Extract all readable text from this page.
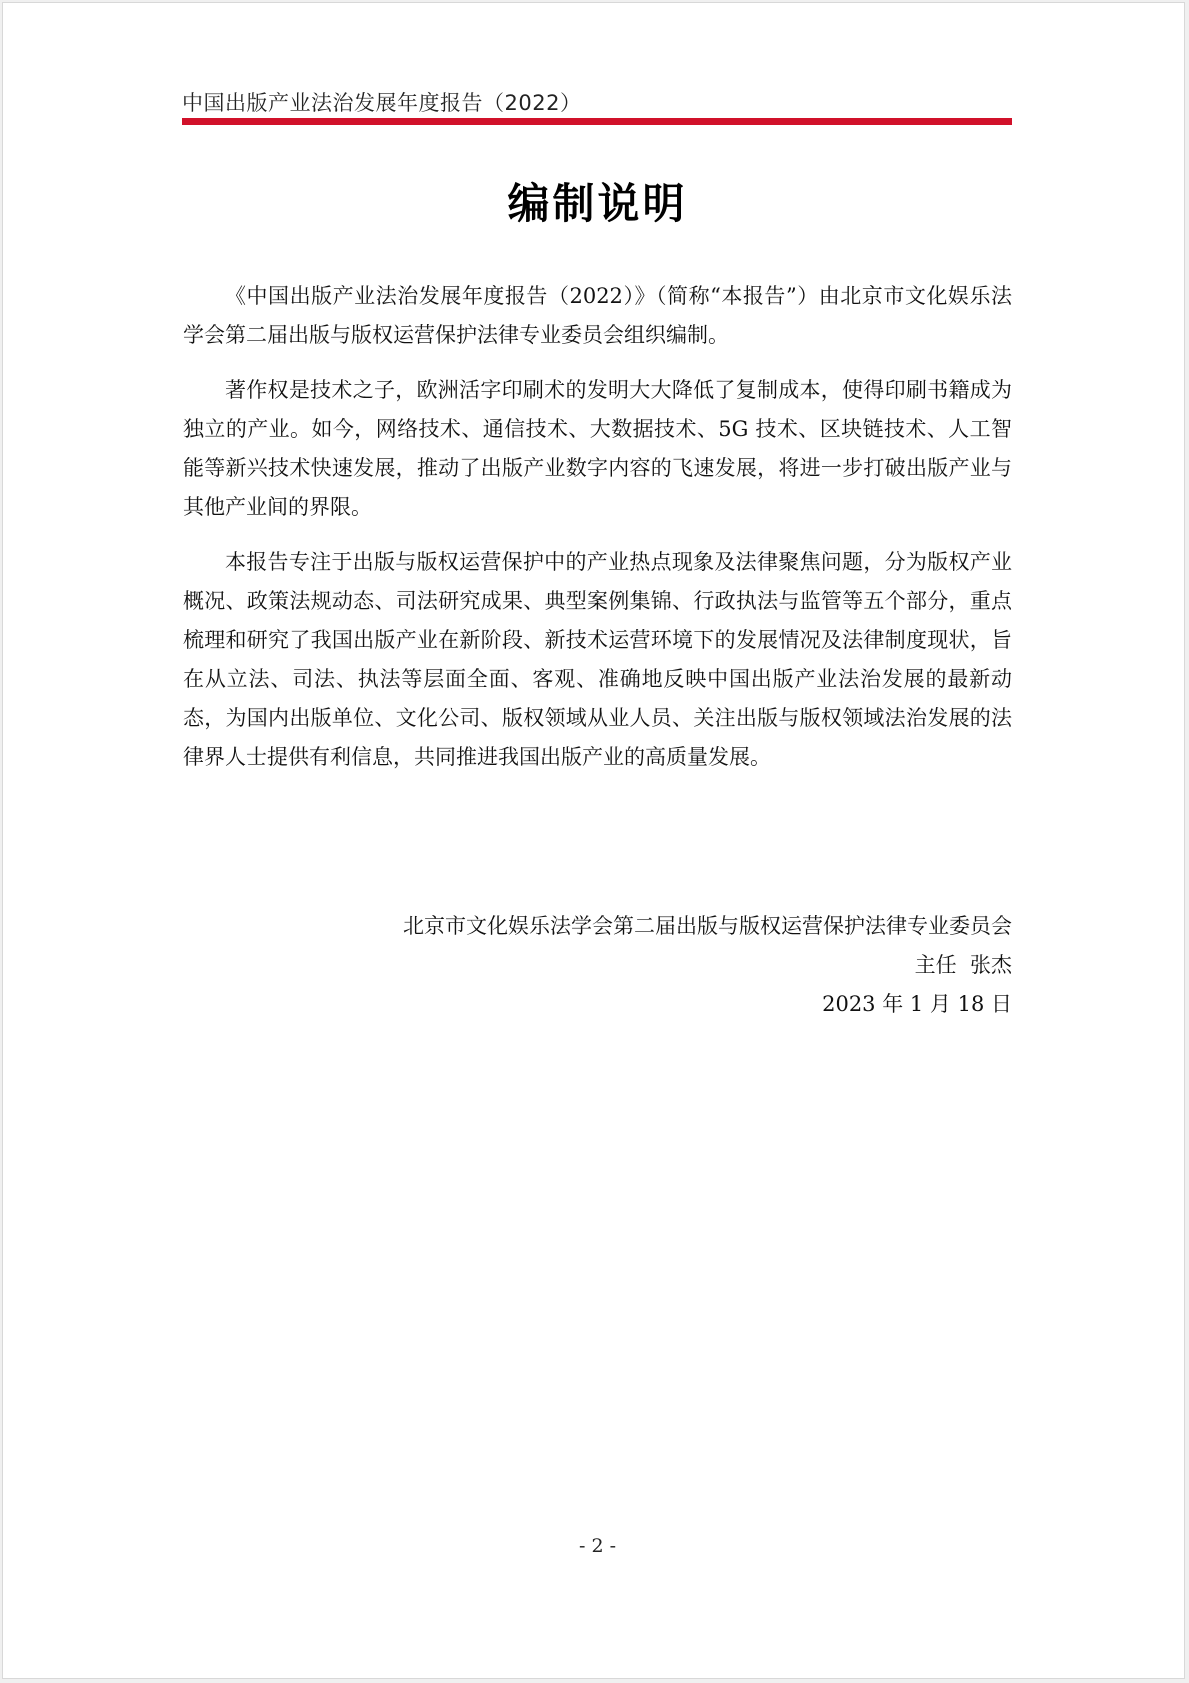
中国出版产业法治发展年度报告（2022）
编制说明

《中国出版产业法治发展年度报告（2022）》（简称“本报告”）由北京市文化娱乐法学会第二届出版与版权运营保护法律专业委员会组织编制。

著作权是技术之子，欧洲活字印刷术的发明大大降低了复制成本，使得印刷书籍成为独立的产业。如今，网络技术、通信技术、大数据技术、5G 技术、区块链技术、人工智能等新兴技术快速发展，推动了出版产业数字内容的飞速发展，将进一步打破出版产业与其他产业间的界限。

本报告专注于出版与版权运营保护中的产业热点现象及法律聚焦问题，分为版权产业概况、政策法规动态、司法研究成果、典型案例集锦、行政执法与监管等五个部分，重点梳理和研究了我国出版产业在新阶段、新技术运营环境下的发展情况及法律制度现状，旨在从立法、司法、执法等层面全面、客观、准确地反映中国出版产业法治发展的最新动态，为国内出版单位、文化公司、版权领域从业人员、关注出版与版权领域法治发展的法律界人士提供有利信息，共同推进我国出版产业的高质量发展。

北京市文化娱乐法学会第二届出版与版权运营保护法律专业委员会
主任  张杰
2023 年 1 月 18 日
- 2 -
